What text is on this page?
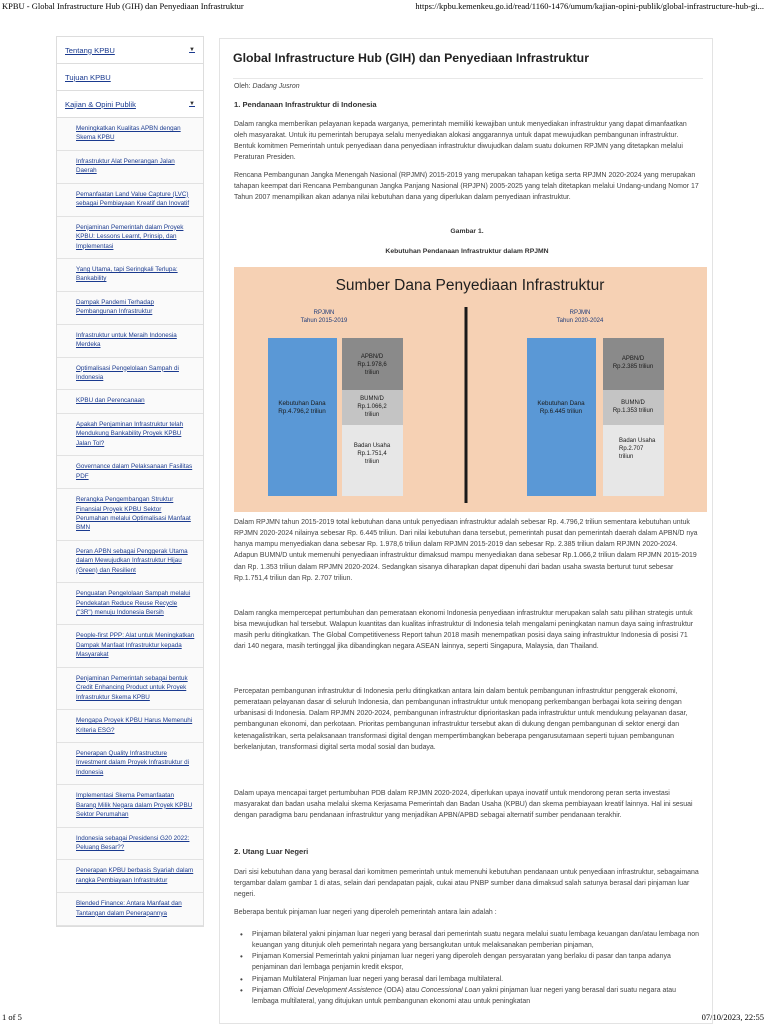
KPBU - Global Infrastructure Hub (GIH) dan Penyediaan Infrastruktur	https://kpbu.kemenkeu.go.id/read/1160-1476/umum/kajian-opini-publik/global-infrastructure-hub-gi...
1 of 5	07/10/2023, 22:55
Tentang KPBU	▼
Tujuan KPBU
Kajian & Opini Publik	▼
Meningkatkan Kualitas APBN dengan Skema KPBU
Infrastruktur Alat Penerangan Jalan Daerah
Pemanfaatan Land Value Capture (LVC) sebagai Pembiayaan Kreatif dan Inovatif
Penjaminan Pemerintah dalam Proyek KPBU: Lessons Learnt, Prinsip, dan Implementasi
Yang Utama, tapi Seringkali Terlupa: Bankability
Dampak Pandemi Terhadap Pembangunan Infrastruktur
Infrastruktur untuk Meraih Indonesia Merdeka
Optimalisasi Pengelolaan Sampah di Indonesia
KPBU dan Perencanaan
Apakah Penjaminan Infrastruktur telah Mendukung Bankability Proyek KPBU Jalan Tol?
Governance dalam Pelaksanaan Fasilitas PDF
Rerangka Pengembangan Struktur Finansial Proyek KPBU Sektor Perumahan melalui Optimalisasi Manfaat BMN
Peran APBN sebagai Penggerak Utama dalam Mewujudkan Infrastruktur Hijau (Green) dan Resilient
Penguatan Pengelolaan Sampah melalui Pendekatan Reduce Reuse Recycle ("3R") menuju Indonesia Bersih
People-first PPP: Alat untuk Meningkatkan Dampak Manfaat Infrastruktur kepada Masyarakat
Penjaminan Pemerintah sebagai bentuk Credit Enhancing Product untuk Proyek Infrastruktur Skema KPBU
Mengapa Proyek KPBU Harus Memenuhi Kriteria ESG?
Penerapan Quality Infrastructure Investment dalam Proyek Infrastruktur di Indonesia
Implementasi Skema Pemanfaatan Barang Milik Negara dalam Proyek KPBU Sektor Perumahan
Indonesia sebagai Presidensi G20 2022: Peluang Besar??
Penerapan KPBU berbasis Syariah dalam rangka Pembiayaan Infrastruktur
Blended Finance: Antara Manfaat dan Tantangan dalam Penerapannya
Global Infrastructure Hub (GIH) dan Penyediaan Infrastruktur
Oleh: Dadang Jusron
1. Pendanaan Infrastruktur di Indonesia

Dalam rangka memberikan pelayanan kepada warganya, pemerintah memiliki kewajiban untuk menyediakan infrastruktur yang dapat dimanfaatkan oleh masyarakat. Untuk itu pemerintah berupaya selalu menyediakan alokasi anggarannya untuk dapat mewujudkan pembangunan infrastruktur. Bentuk komitmen Pemerintah untuk penyediaan dana penyediaan infrastruktur diwujudkan dalam suatu dokumen RPJMN yang ditetapkan melalui Peraturan Presiden.

Rencana Pembangunan Jangka Menengah Nasional (RPJMN) 2015-2019 yang merupakan tahapan ketiga serta RPJMN 2020-2024 yang merupakan tahapan keempat dari Rencana Pembangunan Jangka Panjang Nasional (RPJPN) 2005-2025 yang telah ditetapkan melalui Undang-undang Nomor 17 Tahun 2007 menampilkan akan adanya nilai kebutuhan dana yang diperlukan dalam penyediaan infrastruktur.

Gambar 1.
Kebutuhan Pendanaan Infrastruktur dalam RPJMN
Sumber Dana Penyediaan Infrastruktur
RPJMN
Tahun 2015-2019
Kebutuhan Dana
Rp.4.796,2 triliun
APBN/D
Rp.1.978,6
triliun
BUMN/D
Rp.1.066,2
triliun
Badan Usaha
Rp.1.751,4
triliun
RPJMN
Tahun 2020-2024
Kebutuhan Dana
Rp.6.445 triliun
APBN/D
Rp.2.385 triliun
BUMN/D
Rp.1.353 triliun
Badan Usaha
Rp.2.707
triliun

Dalam RPJMN tahun 2015-2019 total kebutuhan dana untuk penyediaan infrastruktur adalah sebesar Rp. 4.796,2 triliun sementara kebutuhan untuk RPJMN 2020-2024 nilainya sebesar Rp. 6.445 triliun. Dari nilai kebutuhan dana tersebut, pemerintah pusat dan pemerintah daerah dalam APBN/D nya hanya mampu menyediakan dana sebesar Rp. 1.978,6 triliun dalam RPJMN 2015-2019 dan sebesar Rp. 2.385 triliun dalam RPJMN 2020-2024. Adapun BUMN/D untuk memenuhi penyediaan infrastruktur dimaksud mampu menyediakan dana sebesar Rp.1.066,2 triliun dalam RPJMN 2015-2019 dan Rp. 1.353 triliun dalam RPJMN 2020-2024. Sedangkan sisanya diharapkan dapat dipenuhi dari badan usaha swasta berturut turut sebesar Rp.1.751,4 triliun dan Rp. 2.707 triliun.

Dalam rangka mempercepat pertumbuhan dan pemerataan ekonomi Indonesia penyediaan infrastruktur merupakan salah satu pilihan strategis untuk bisa mewujudkan hal tersebut. Walapun kuantitas dan kualitas infrastruktur di Indonesia telah mengalami peningkatan namun daya saing infrastruktur masih perlu ditingkatkan. The Global Competitiveness Report tahun 2018 masih menempatkan posisi daya saing infrastruktur Indonesia di posisi 71 dari 140 negara, masih tertinggal jika dibandingkan negara ASEAN lainnya, seperti Singapura, Malaysia, dan Thailand.

Percepatan pembangunan infrastruktur di Indonesia perlu ditingkatkan antara lain dalam bentuk pembangunan infrastruktur penggerak ekonomi, pemerataan pelayanan dasar di seluruh Indonesia, dan pembangunan infrastruktur untuk menopang perkembangan berbagai kota seiring dengan urbanisasi di Indonesia. Dalam RPJMN 2020-2024, pembangunan infrastruktur diprioritaskan pada infrastruktur untuk mendukung pelayanan dasar, pembangunan ekonomi, dan perkotaan. Prioritas pembangunan infrastruktur tersebut akan di dukung dengan pembangunan di sektor energi dan ketenagalistrikan, serta pelaksanaan transformasi digital dengan mempertimbangkan beberapa pengarusutamaan seperti tujuan pembangunan berkelanjutan, transformasi digital serta modal sosial dan budaya.

Dalam upaya mencapai target pertumbuhan PDB dalam RPJMN 2020-2024, diperlukan upaya inovatif untuk mendorong peran serta investasi masyarakat dan badan usaha melalui skema Kerjasama Pemerintah dan Badan Usaha (KPBU) dan skema pembiayaan kreatif lainnya. Hal ini sesuai dengan paradigma baru pendanaan infrastruktur yang menjadikan APBN/APBD sebagai alternatif sumber pendanaan terakhir.

2. Utang Luar Negeri

Dari sisi kebutuhan dana yang berasal dari komitmen pemerintah untuk memenuhi kebutuhan pendanaan untuk penyediaan infrastruktur, sebagaimana tergambar dalam gambar 1 di atas, selain dari pendapatan pajak, cukai atau PNBP sumber dana dimaksud salah satunya berasal dari pinjaman luar negeri.

Beberapa bentuk pinjaman luar negeri yang diperoleh pemerintah antara lain adalah :

• Pinjaman bilateral yakni pinjaman luar negeri yang berasal dari pemerintah suatu negara melalui suatu lembaga keuangan dan/atau lembaga non keuangan yang ditunjuk oleh pemerintah negara yang bersangkutan untuk melaksanakan pemberian pinjaman,
• Pinjaman Komersial Pemerintah yakni pinjaman luar negeri yang diperoleh dengan persyaratan yang berlaku di pasar dan tanpa adanya penjaminan dari lembaga penjamin kredit ekspor,
• Pinjaman Multilateral Pinjaman luar negeri yang berasal dari lembaga multilateral.
• Pinjaman Official Development Assistence (ODA) atau Concessional Loan yakni pinjaman luar negeri yang berasal dari suatu negara atau lembaga multilateral, yang ditujukan untuk pembangunan ekonomi atau untuk peningkatan
